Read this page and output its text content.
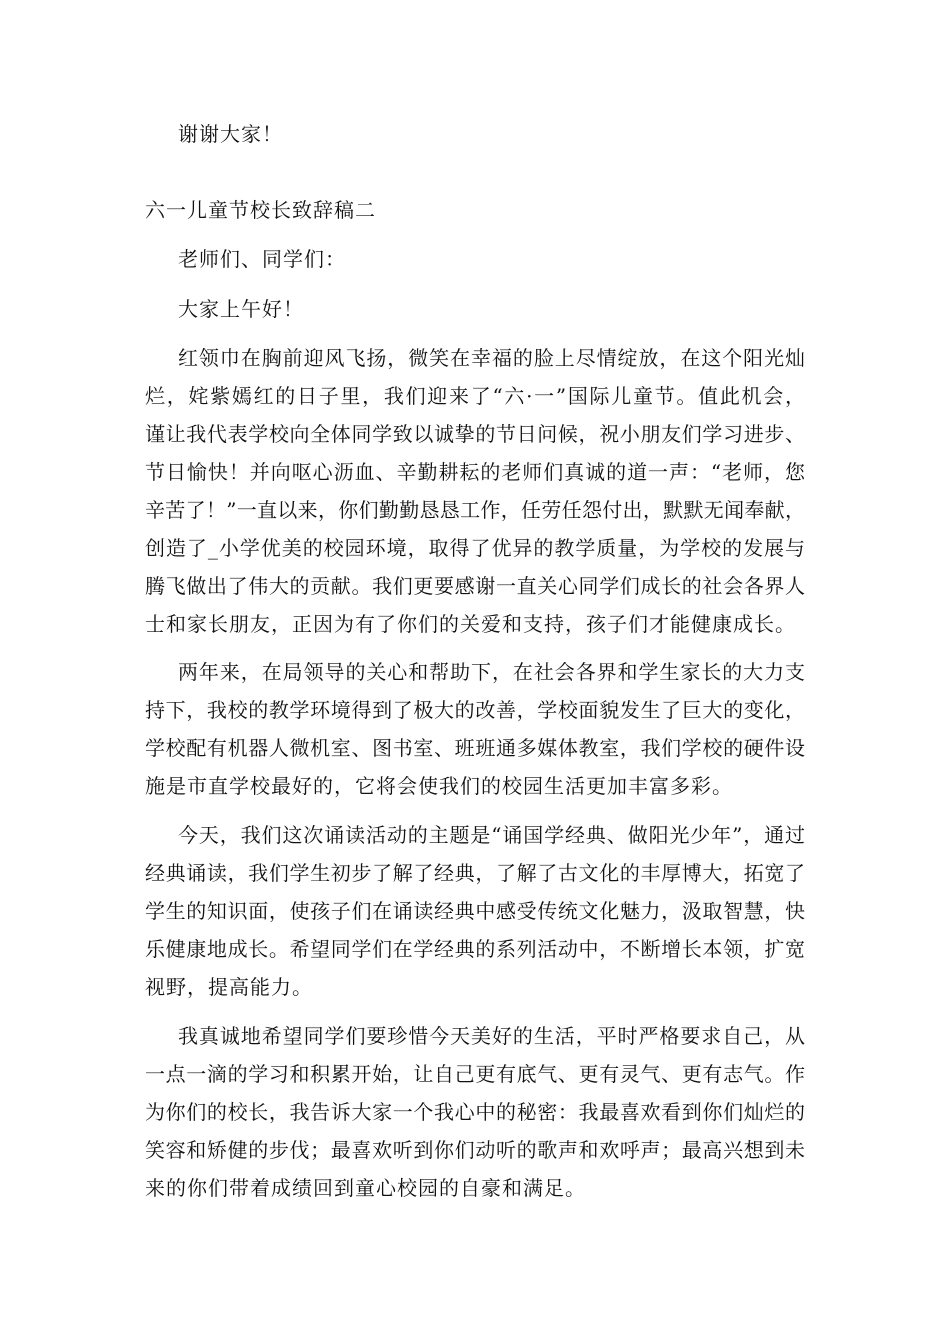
谢谢大家！
六一儿童节校长致辞稿二
老师们、同学们：
大家上午好！
红领巾在胸前迎风飞扬，微笑在幸福的脸上尽情绽放，在这个阳光灿
烂，姹紫嫣红的日子里，我们迎来了“六·一”国际儿童节。值此机会，
谨让我代表学校向全体同学致以诚挚的节日问候，祝小朋友们学习进步、
节日愉快！并向呕心沥血、辛勤耕耘的老师们真诚的道一声：“老师，您
辛苦了！”一直以来，你们勤勤恳恳工作，任劳任怨付出，默默无闻奉献，
创造了_小学优美的校园环境，取得了优异的教学质量，为学校的发展与
腾飞做出了伟大的贡献。我们更要感谢一直关心同学们成长的社会各界人
士和家长朋友，正因为有了你们的关爱和支持，孩子们才能健康成长。
两年来，在局领导的关心和帮助下，在社会各界和学生家长的大力支
持下，我校的教学环境得到了极大的改善，学校面貌发生了巨大的变化，
学校配有机器人微机室、图书室、班班通多媒体教室，我们学校的硬件设
施是市直学校最好的，它将会使我们的校园生活更加丰富多彩。
今天，我们这次诵读活动的主题是“诵国学经典、做阳光少年”，通过
经典诵读，我们学生初步了解了经典，了解了古文化的丰厚博大，拓宽了
学生的知识面，使孩子们在诵读经典中感受传统文化魅力，汲取智慧，快
乐健康地成长。希望同学们在学经典的系列活动中，不断增长本领，扩宽
视野，提高能力。
我真诚地希望同学们要珍惜今天美好的生活，平时严格要求自己，从
一点一滴的学习和积累开始，让自己更有底气、更有灵气、更有志气。作
为你们的校长，我告诉大家一个我心中的秘密：我最喜欢看到你们灿烂的
笑容和矫健的步伐；最喜欢听到你们动听的歌声和欢呼声；最高兴想到未
来的你们带着成绩回到童心校园的自豪和满足。
